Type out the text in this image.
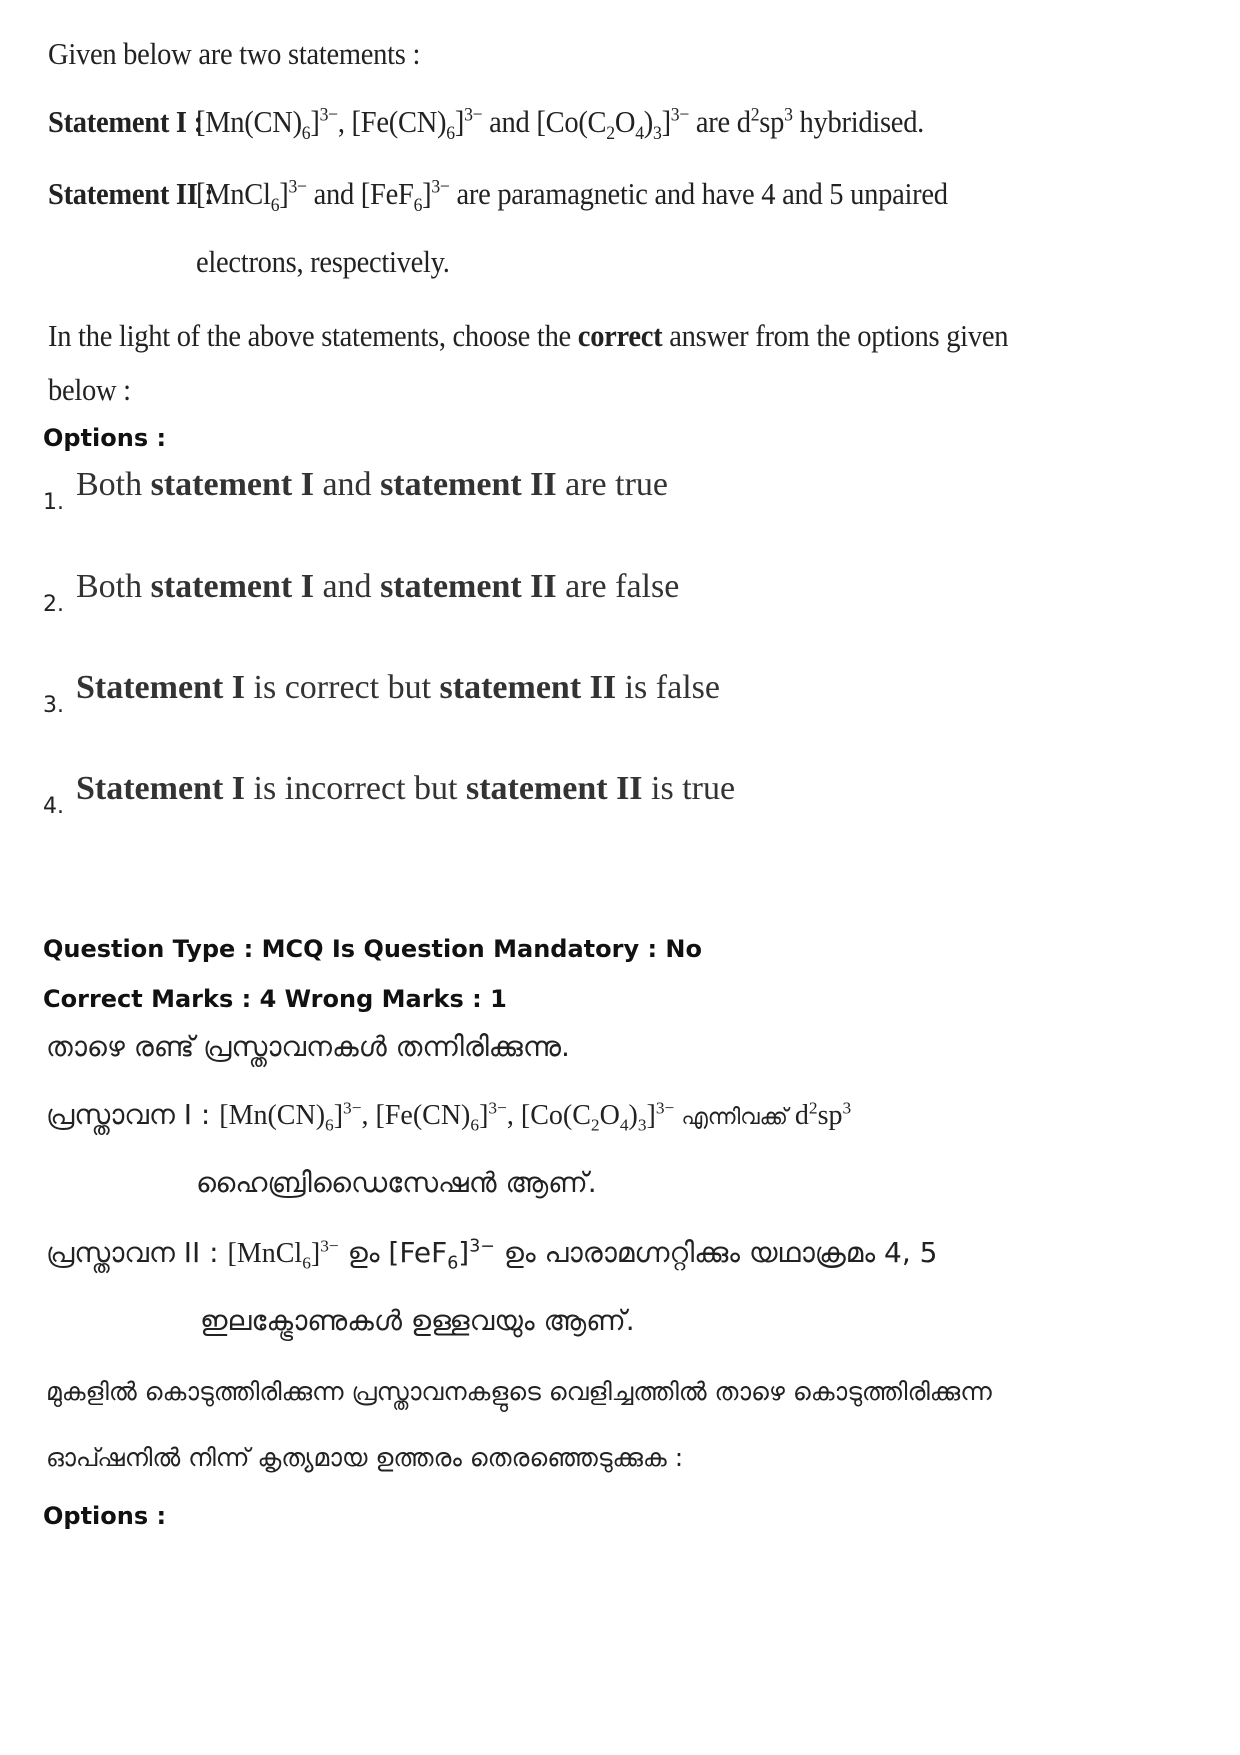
Given below are two statements :
Statement I :
$[Mn(CN)_6]^{3-}$, $[Fe(CN)_6]^{3-}$ and $[Co(C_2O_4)_3]^{3-}$ are $d^2sp^3$ hybridised.
Statement II :
[MnCl$_6$]$^{3-}$ and $[FeF_6]^{3-}$ are paramagnetic and have 4 and 5 unpaired
electrons, respectively.
In the light of the above statements, choose the correct answer from the options given
below :
Options :
1. Both statement I and statement II are true
2. Both statement I and statement II are false
3. Statement I is correct but statement II is false
4. Statement I is incorrect but statement II is true
Question Type : MCQ Is Question Mandatory : No
Correct Marks : 4 Wrong Marks : 1
താഴെ രണ്ട് പ്രസ്താവനകൾ തന്നിരിക്കുന്നു.
പ്രസ്താവന I : $[Mn(CN)_6]^{3-}$, $[Fe(CN)_6]^{3-}$, $[Co(C_2O_4)_3]^{3-}$ എന്നിവക്ക് $d^2sp^3$
ഹൈബ്രിഡൈസേഷൻ ആണ്.
പ്രസ്താവന II : [MnCl$_6$]$^{3-}$ ഉം $[FeF_6]^{3-}$ ഉം പാരാമഗ്നറ്റിക്കും യഥാക്രമം 4, 5
ഇലക്ട്രോണുകൾ ഉള്ളവയും ആണ്.
മുകളിൽ കൊടുത്തിരിക്കുന്ന പ്രസ്താവനകളുടെ വെളിച്ചത്തിൽ താഴെ കൊടുത്തിരിക്കുന്ന
ഓപ്ഷനിൽ നിന്ന് കൃത്യമായ ഉത്തരം തെരഞ്ഞെടുക്കുക :
Options :
